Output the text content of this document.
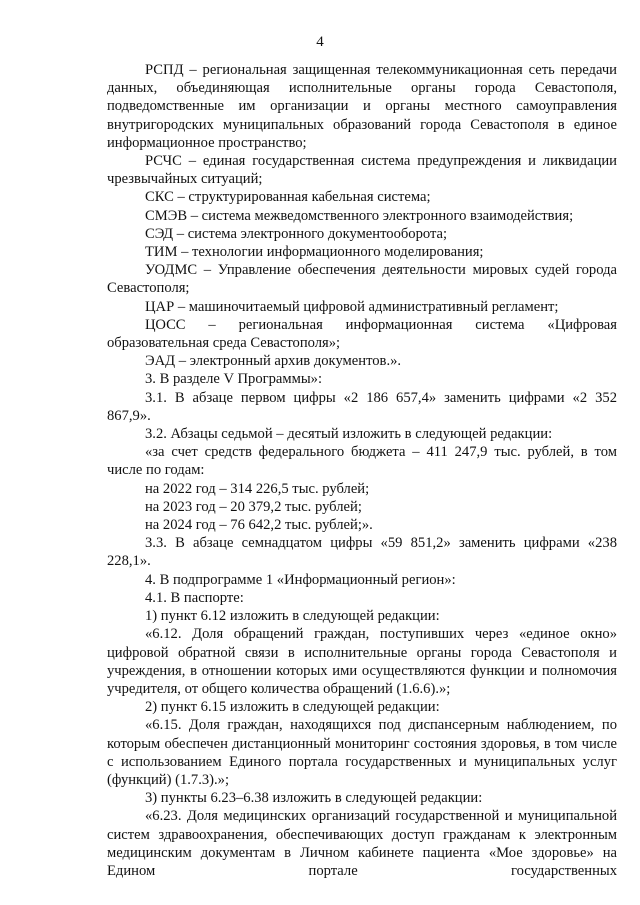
4

РСПД – региональная защищенная телекоммуникационная сеть передачи данных, объединяющая исполнительные органы города Севастополя, подведомственные им организации и органы местного самоуправления внутригородских муниципальных образований города Севастополя в единое информационное пространство;

РСЧС – единая государственная система предупреждения и ликвидации чрезвычайных ситуаций;

СКС – структурированная кабельная система;

СМЭВ – система межведомственного электронного взаимодействия;

СЭД – система электронного документооборота;

ТИМ – технологии информационного моделирования;

УОДМС – Управление обеспечения деятельности мировых судей города Севастополя;

ЦАР – машиночитаемый цифровой административный регламент;

ЦОСС – региональная информационная система «Цифровая образовательная среда Севастополя»;

ЭАД – электронный архив документов.».

3. В разделе V Программы»:

3.1. В абзаце первом цифры «2 186 657,4» заменить цифрами «2 352 867,9».

3.2. Абзацы седьмой – десятый изложить в следующей редакции:

«за счет средств федерального бюджета – 411 247,9 тыс. рублей, в том числе по годам:

на 2022 год – 314 226,5 тыс. рублей;

на 2023 год – 20 379,2 тыс. рублей;

на 2024 год – 76 642,2 тыс. рублей;».

3.3. В абзаце семнадцатом цифры «59 851,2» заменить цифрами «238 228,1».

4. В подпрограмме 1 «Информационный регион»:

4.1. В паспорте:

1) пункт 6.12 изложить в следующей редакции:

«6.12. Доля обращений граждан, поступивших через «единое окно» цифровой обратной связи в исполнительные органы города Севастополя и учреждения, в отношении которых ими осуществляются функции и полномочия учредителя, от общего количества обращений (1.6.6).»;

2) пункт 6.15 изложить в следующей редакции:

«6.15. Доля граждан, находящихся под диспансерным наблюдением, по которым обеспечен дистанционный мониторинг состояния здоровья, в том числе с использованием Единого портала государственных и муниципальных услуг (функций) (1.7.3).»;

3) пункты 6.23–6.38 изложить в следующей редакции:

«6.23. Доля медицинских организаций государственной и муниципальной систем здравоохранения, обеспечивающих доступ гражданам к электронным медицинским документам в Личном кабинете пациента «Мое здоровье» на Едином портале государственных
